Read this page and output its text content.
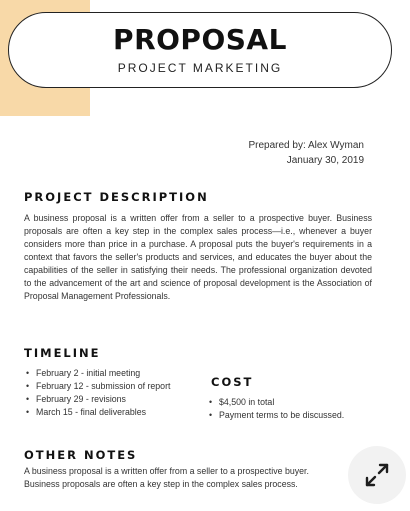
PROPOSAL
PROJECT MARKETING
Prepared by: Alex Wyman
January 30, 2019
PROJECT DESCRIPTION

A business proposal is a written offer from a seller to a prospective buyer. Business proposals are often a key step in the complex sales process—i.e., whenever a buyer considers more than price in a purchase. A proposal puts the buyer's requirements in a context that favors the seller's products and services, and educates the buyer about the capabilities of the seller in satisfying their needs. The professional organization devoted to the advancement of the art and science of proposal development is the Association of Proposal Management Professionals.

TIMELINE
• February 2 - initial meeting
• February 12 - submission of report
• February 29 - revisions
• March 15 - final deliverables
COST
• $4,500 in total
• Payment terms to be discussed.
OTHER NOTES

A business proposal is a written offer from a seller to a prospective buyer. Business proposals are often a key step in the complex sales process.
